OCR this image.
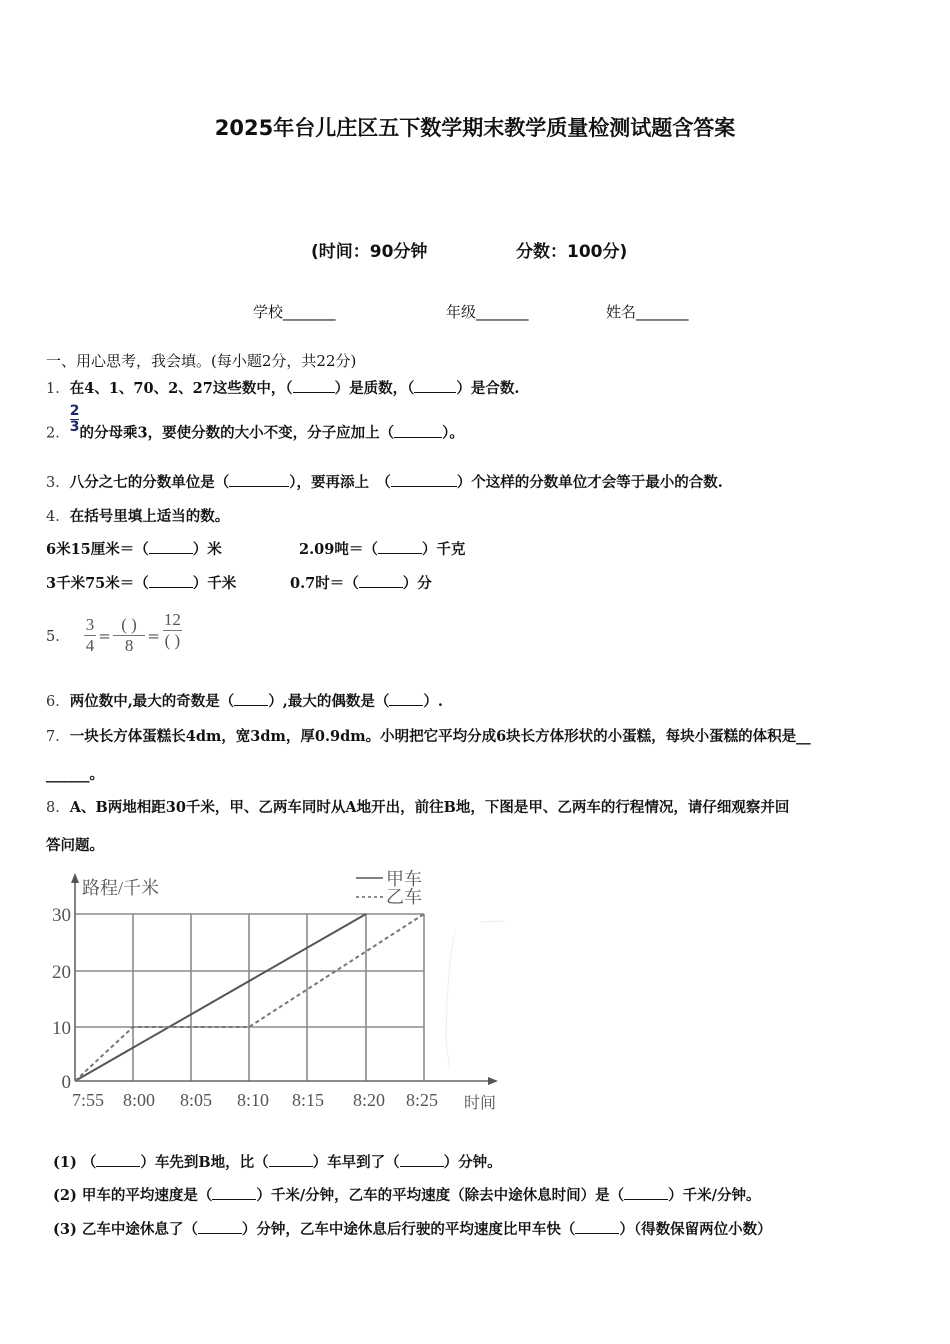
2025年台儿庄区五下数学期末教学质量检测试题含答案
(时间：90分钟	分数：100分)
学校_______	年级_______	姓名_______
一、用心思考，我会填。(每小题2分，共22分)
1．在4、1、70、2、27这些数中，（	）是质数，（	）是合数.
2． $\frac{2}{3}$ 的分母乘3，要使分数的大小不变，分子应加上（	）。
3．八分之七的分数单位是（	），要再添上　（	）个这样的分数单位才会等于最小的合数.
4．在括号里填上适当的数。
6米15厘米＝（	）米	2.09吨＝（	）千克
3千米75米＝（	）千米	0.7时＝（	）分
5． $\frac{3}{4} = \frac{( )}{8} = \frac{12}{( )}$
6．两位数中,最大的奇数是（ ）,最大的偶数是（ ）.
7．一块长方体蛋糕长4dm，宽3dm，厚0.9dm。小明把它平均分成6块长方体形状的小蛋糕，每块小蛋糕的体积是__
______。
8．A、B两地相距30千米，甲、乙两车同时从A地开出，前往B地，下图是甲、乙两车的行程情况，请仔细观察并回
答问题。
30
20
10
0
7:55 8:00 8:05 8:10 8:15 8:20 8:25
路程/千米
时间
甲车
乙车
(1) （	）车先到B地，比（	）车早到了（	）分钟。
(2) 甲车的平均速度是（	）千米/分钟，乙车的平均速度（除去中途休息时间）是（	）千米/分钟。
(3) 乙车中途休息了（	）分钟，乙车中途休息后行驶的平均速度比甲车快（	）（得数保留两位小数）
